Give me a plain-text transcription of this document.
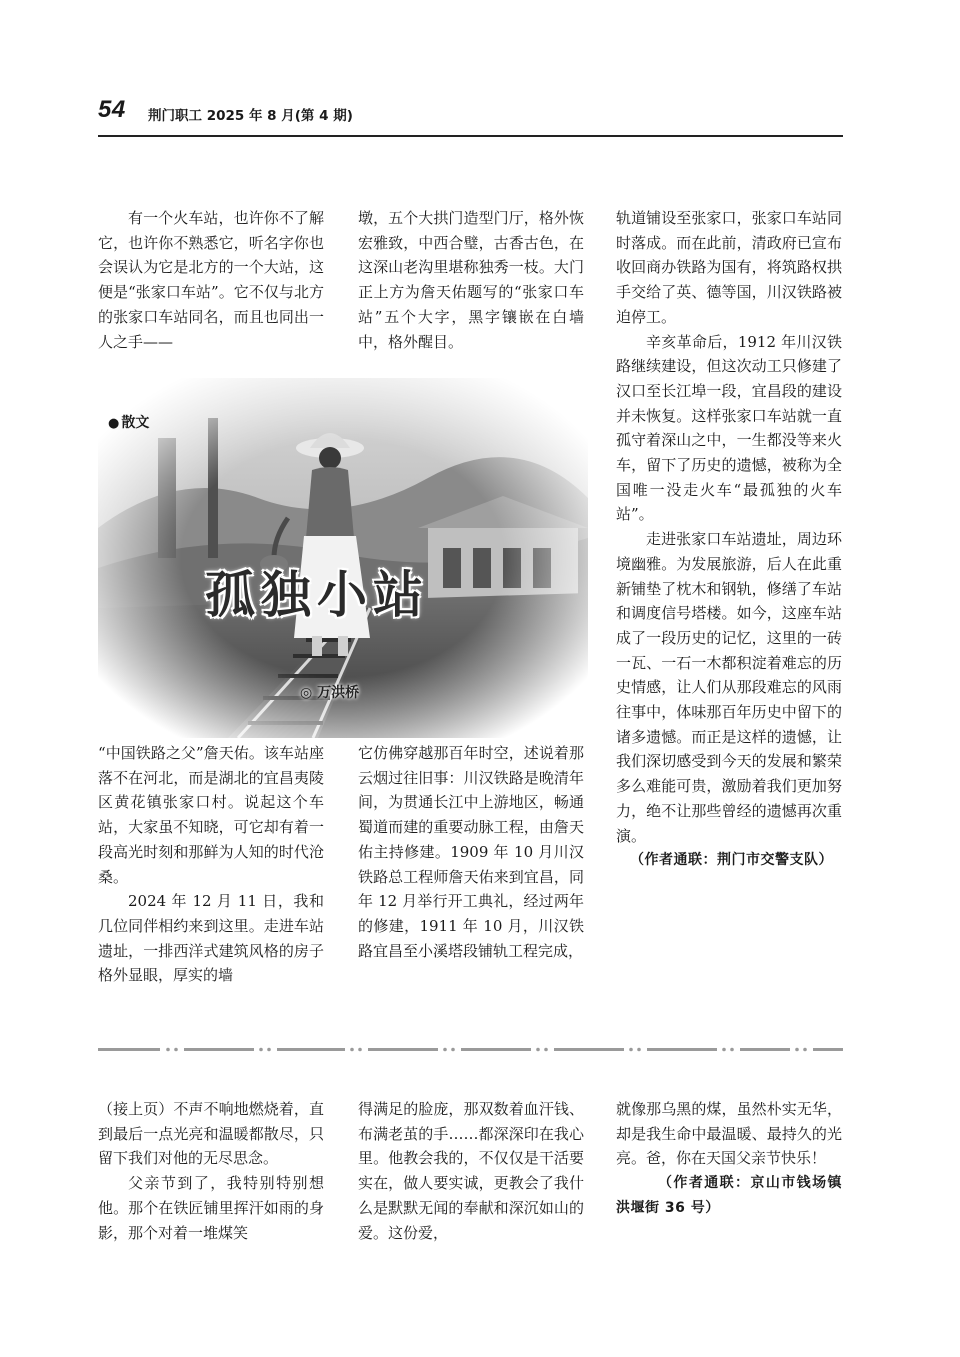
54 荆门职工 2025 年 8 月(第 4 期)

有一个火车站，也许你不了解它，也许你不熟悉它，听名字你也会误认为它是北方的一个大站，这便是“张家口车站”。它不仅与北方的张家口车站同名，而且也同出一人之手——

墩，五个大拱门造型门厅，格外恢宏雅致，中西合璧，古香古色，在这深山老沟里堪称独秀一枝。大门正上方为詹天佑题写的“张家口车站”五个大字，黑字镶嵌在白墙中，格外醒目。

● 散文
孤独小站
◎ 万洪桥

“中国铁路之父”詹天佑。该车站座落不在河北，而是湖北的宜昌夷陵区黄花镇张家口村。说起这个车站，大家虽不知晓，可它却有着一段高光时刻和那鲜为人知的时代沧桑。

2024 年 12 月 11 日，我和几位同伴相约来到这里。走进车站遗址，一排西洋式建筑风格的房子格外显眼，厚实的墙

它仿佛穿越那百年时空，述说着那云烟过往旧事：川汉铁路是晚清年间，为贯通长江中上游地区，畅通蜀道而建的重要动脉工程，由詹天佑主持修建。1909 年 10 月川汉铁路总工程师詹天佑来到宜昌，同年 12 月举行开工典礼，经过两年的修建，1911 年 10 月，川汉铁路宜昌至小溪塔段铺轨工程完成，

轨道铺设至张家口，张家口车站同时落成。而在此前，清政府已宣布收回商办铁路为国有，将筑路权拱手交给了英、德等国，川汉铁路被迫停工。

辛亥革命后，1912 年川汉铁路继续建设，但这次动工只修建了汉口至长江埠一段，宜昌段的建设并未恢复。这样张家口车站就一直孤守着深山之中，一生都没等来火车，留下了历史的遗憾，被称为全国唯一没走火车“最孤独的火车站”。

走进张家口车站遗址，周边环境幽雅。为发展旅游，后人在此重新铺垫了枕木和钢轨，修缮了车站和调度信号塔楼。如今，这座车站成了一段历史的记忆，这里的一砖一瓦、一石一木都积淀着难忘的历史情感，让人们从那段难忘的风雨往事中，体味那百年历史中留下的诸多遗憾。而正是这样的遗憾，让我们深切感受到今天的发展和繁荣多么难能可贵，激励着我们更加努力，绝不让那些曾经的遗憾再次重演。

（作者通联：荆门市交警支队）

（接上页）不声不响地燃烧着，直到最后一点光亮和温暖都散尽，只留下我们对他的无尽思念。

父亲节到了，我特别特别想他。那个在铁匠铺里挥汗如雨的身影，那个对着一堆煤笑

得满足的脸庞，那双数着血汗钱、布满老茧的手……都深深印在我心里。他教会我的，不仅仅是干活要实在，做人要实诚，更教会了我什么是默默无闻的奉献和深沉如山的爱。这份爱，

就像那乌黑的煤，虽然朴实无华，却是我生命中最温暖、最持久的光亮。爸，你在天国父亲节快乐！

（作者通联：京山市钱场镇洪堰街 36 号）
